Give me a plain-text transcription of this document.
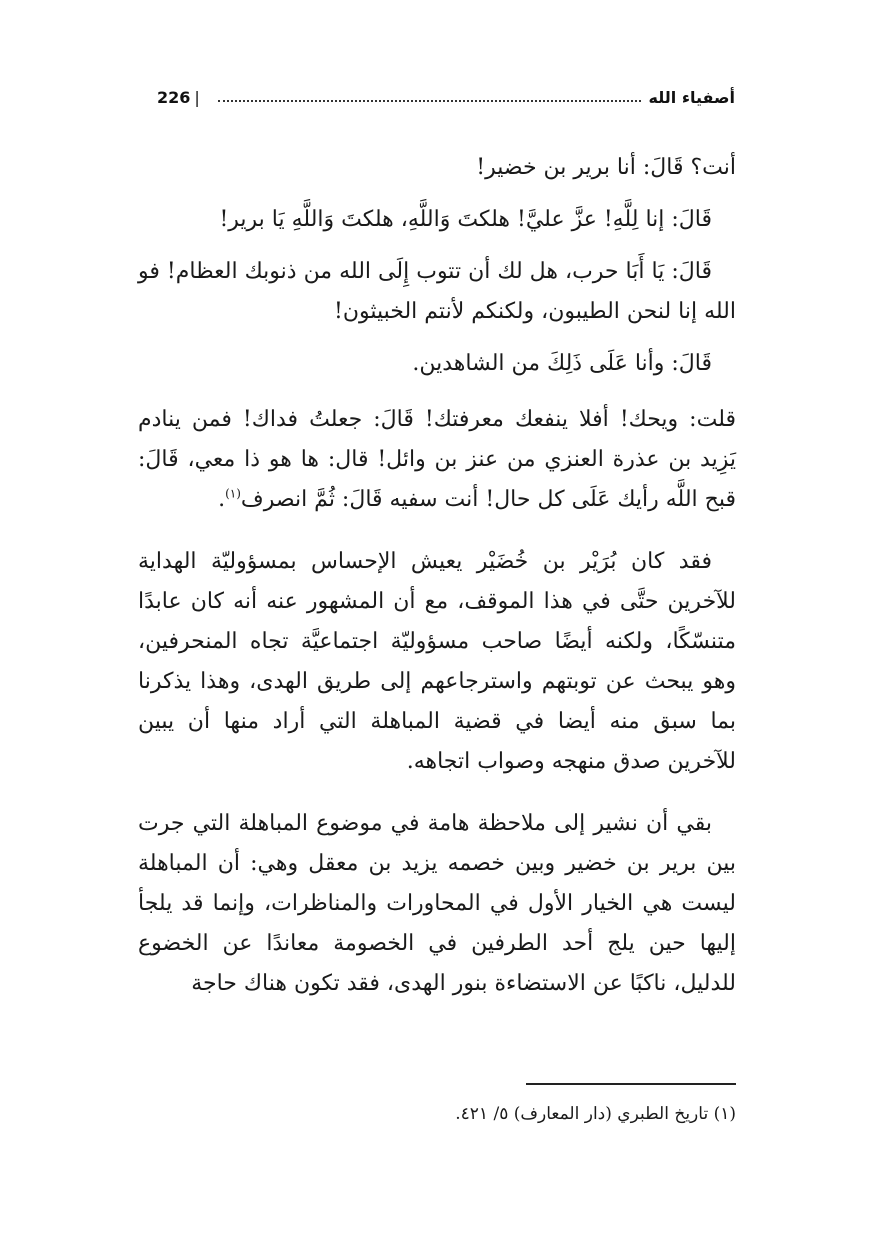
226 |	أصفياء الله

أنت؟ قَالَ: أنا برير بن خضير!

قَالَ: إنا لِلَّهِ! عزَّ عليَّ! هلكتَ وَاللَّهِ، هلكتَ وَاللَّهِ يَا برير!

قَالَ: يَا أَبَا حرب، هل لك أن تتوب إِلَى الله من ذنوبك العظام! فو الله إنا لنحن الطيبون، ولكنكم لأنتم الخبيثون!

قَالَ: وأنا عَلَى ذَلِكَ من الشاهدين.

قلت: ويحك! أفلا ينفعك معرفتك! قَالَ: جعلتُ فداك! فمن ينادم يَزِيد بن عذرة العنزي من عنز بن وائل! قال: ها هو ذا معي، قَالَ: قبح اللَّه رأيك عَلَى كل حال! أنت سفيه قَالَ: ثُمَّ انصرف$^{(١)}$.

فقد كان بُرَيْر بن خُضَيْر يعيش الإحساس بمسؤوليّة الهداية للآخرين حتَّى في هذا الموقف، مع أن المشهور عنه أنه كان عابدًا متنسّكًا، ولكنه أيضًا صاحب مسؤوليّة اجتماعيَّة تجاه المنحرفين، وهو يبحث عن توبتهم واسترجاعهم إلى طريق الهدى، وهذا يذكرنا بما سبق منه أيضا في قضية المباهلة التي أراد منها أن يبين للآخرين صدق منهجه وصواب اتجاهه.

بقي أن نشير إلى ملاحظة هامة في موضوع المباهلة التي جرت بين برير بن خضير وبين خصمه يزيد بن معقل وهي: أن المباهلة ليست هي الخيار الأول في المحاورات والمناظرات، وإنما قد يلجأ إليها حين يلج أحد الطرفين في الخصومة معاندًا عن الخضوع للدليل، ناكبًا عن الاستضاءة بنور الهدى، فقد تكون هناك حاجة

(١) تاريخ الطبري (دار المعارف) ٥/ ٤٢١.
